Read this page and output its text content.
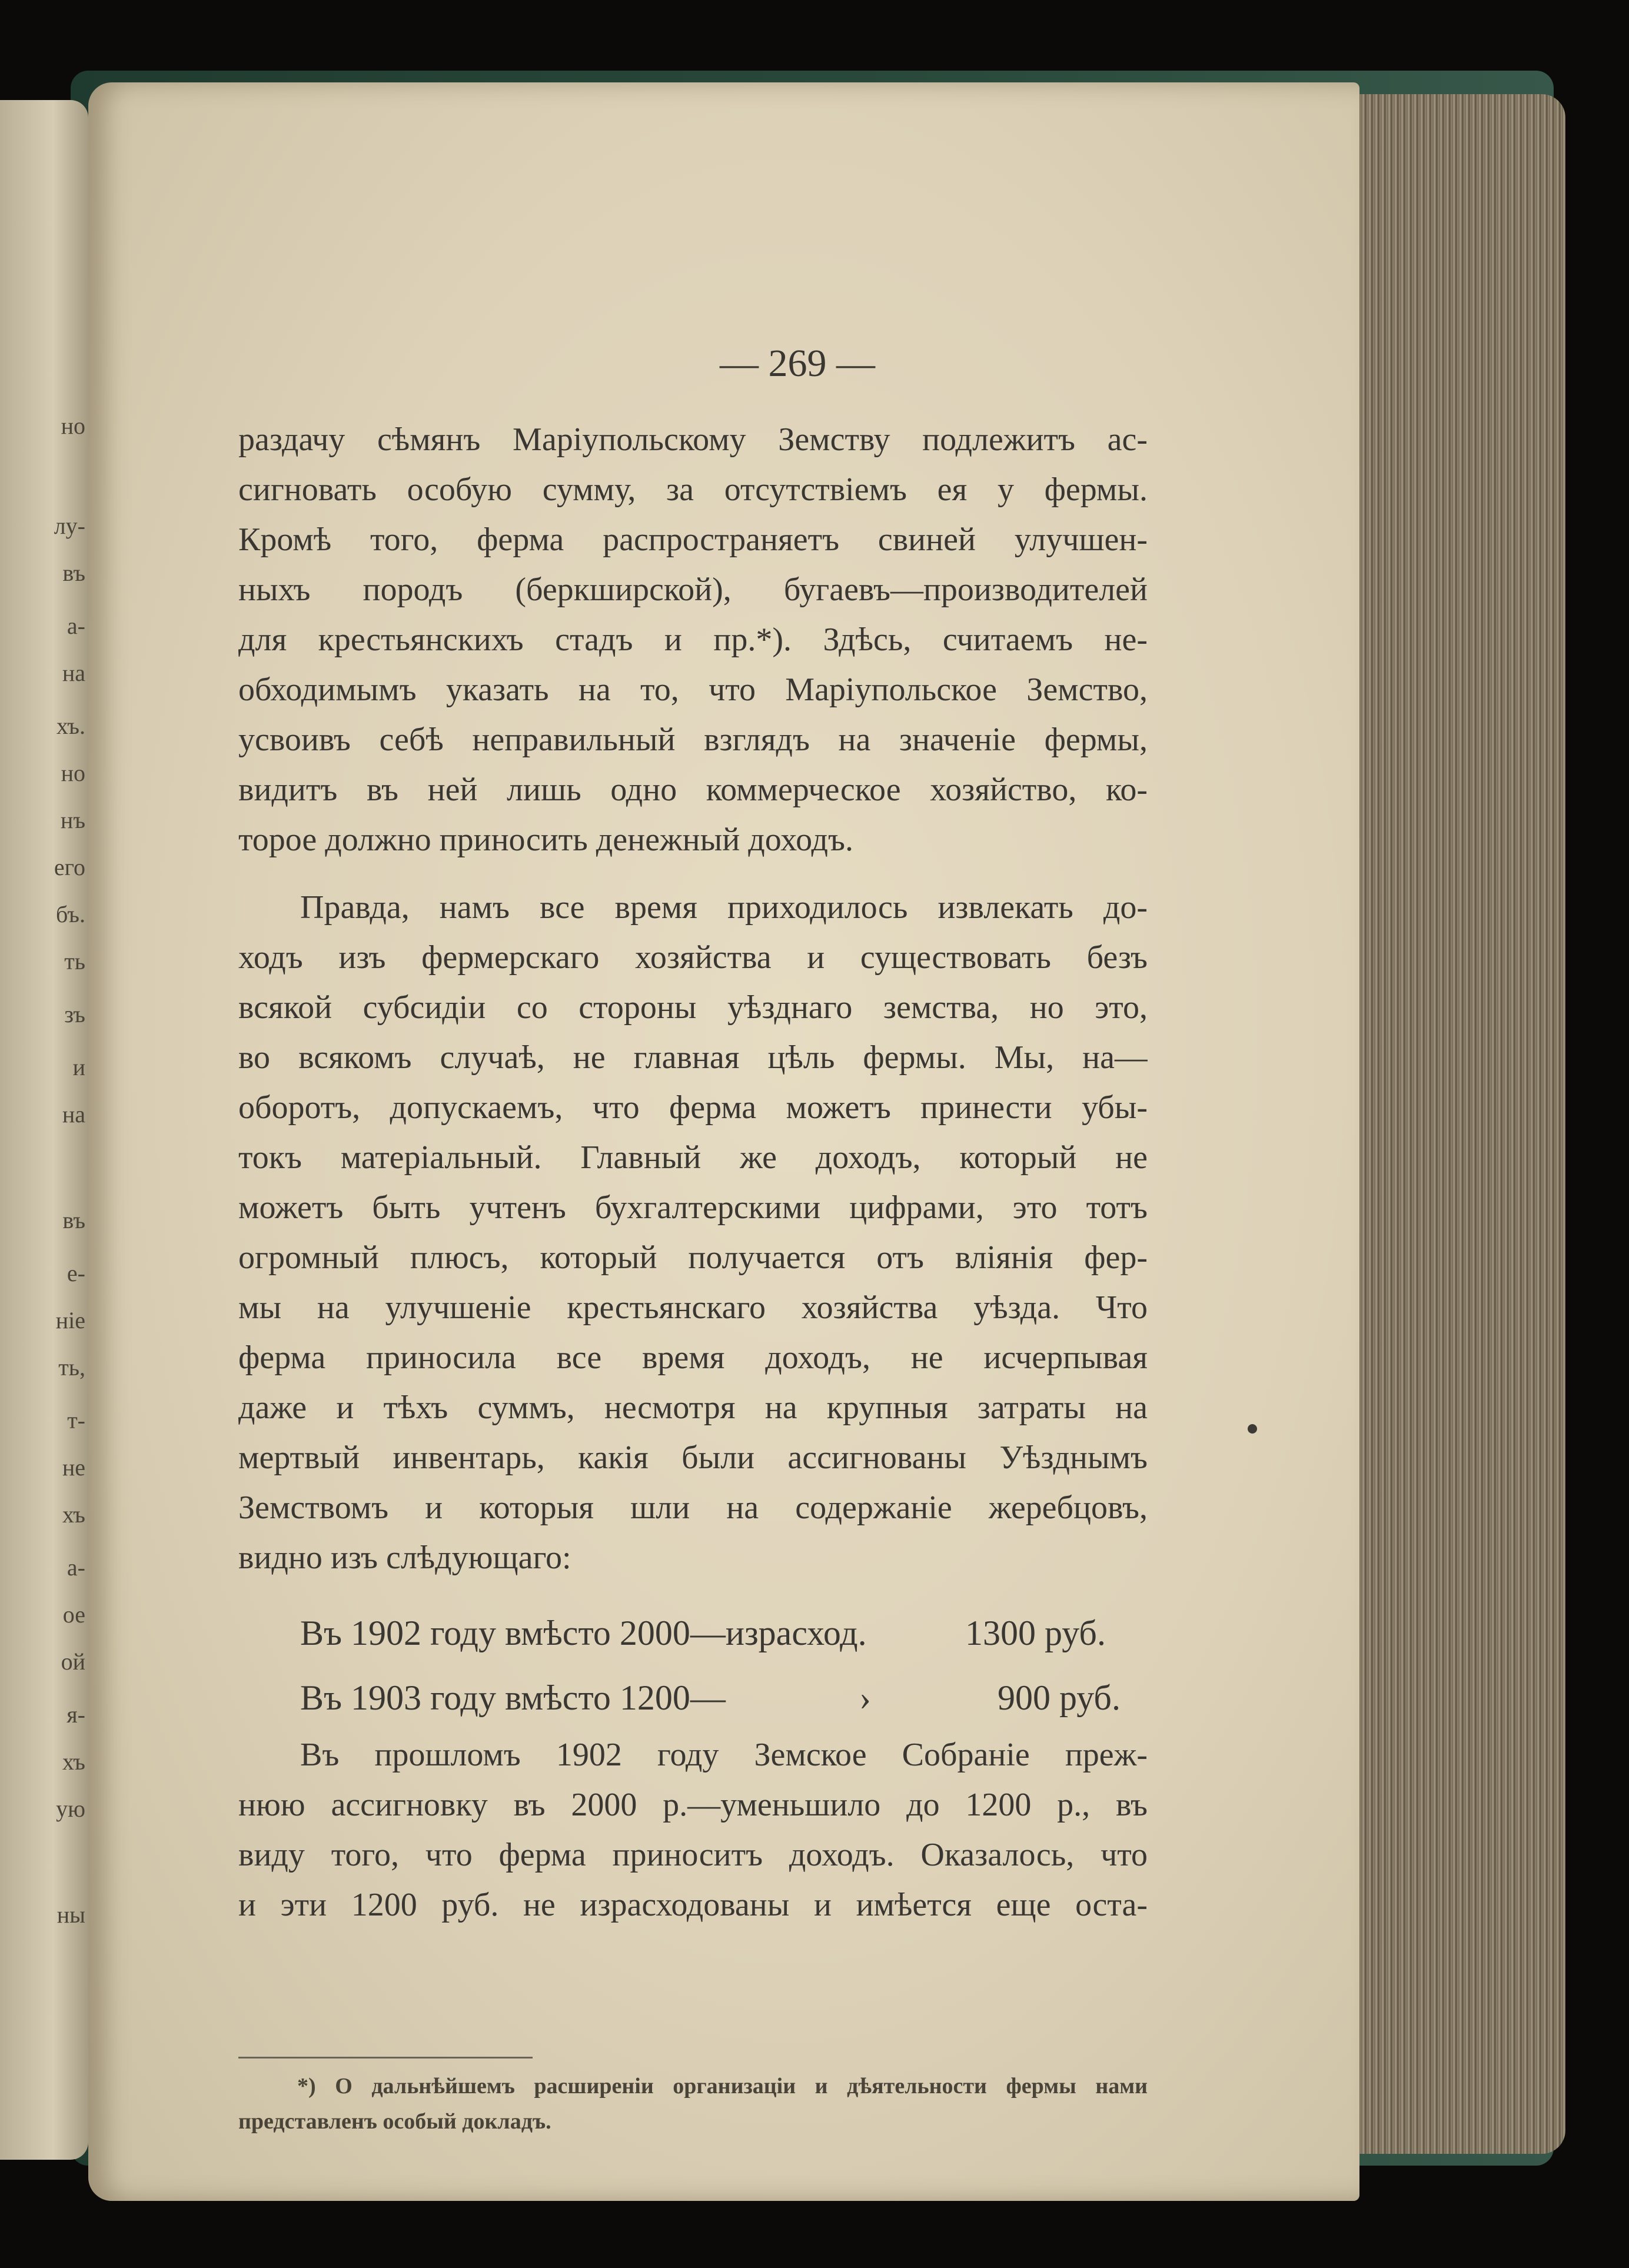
но
лу-
въ
а-
на
хъ.
но
нъ
его
бъ.
ть
зъ
и
на
въ
е-
ніе
ть,
т-
не
хъ
а-
ое
ой
я-
хъ
ую
ны
— 269 —
раздачу сѣмянъ Маріупольскому Земству подлежитъ ас-
сигновать особую сумму, за отсутствіемъ ея у фермы.
Кромѣ того, ферма распространяетъ свиней улучшен-
ныхъ породъ (беркширской), бугаевъ—производителей
для крестьянскихъ стадъ и пр.*). Здѣсь, считаемъ не-
обходимымъ указать на то, что Маріупольское Земство,
усвоивъ себѣ неправильный взглядъ на значеніе фермы,
видитъ въ ней лишь одно коммерческое хозяйство, ко-
торое должно приносить денежный доходъ.
Правда, намъ все время приходилось извлекать до-
ходъ изъ фермерскаго хозяйства и существовать безъ
всякой субсидіи со стороны уѣзднаго земства, но это,
во всякомъ случаѣ, не главная цѣль фермы. Мы, на—
оборотъ, допускаемъ, что ферма можетъ принести убы-
токъ матеріальный. Главный же доходъ, который не
можетъ быть учтенъ бухгалтерскими цифрами, это тотъ
огромный плюсъ, который получается отъ вліянія фер-
мы на улучшеніе крестьянскаго хозяйства уѣзда. Что
ферма приносила все время доходъ, не исчерпывая
даже и тѣхъ суммъ, несмотря на крупныя затраты на
мертвый инвентарь, какія были ассигнованы Уѣзднымъ
Земствомъ и которыя шли на содержаніе жеребцовъ,
видно изъ слѣдующаго:
Въ 1902 году вмѣсто 2000—израсход.	1300 руб.
Въ 1903 году вмѣсто 1200—	›	900 руб.
Въ прошломъ 1902 году Земское Собраніе преж-
нюю ассигновку въ 2000 р.—уменьшило до 1200 р., въ
виду того, что ферма приноситъ доходъ. Оказалось, что
и эти 1200 руб. не израсходованы и имѣется еще оста-
*) О дальнѣйшемъ расширеніи организаціи и дѣятельности фермы нами
представленъ особый докладъ.
